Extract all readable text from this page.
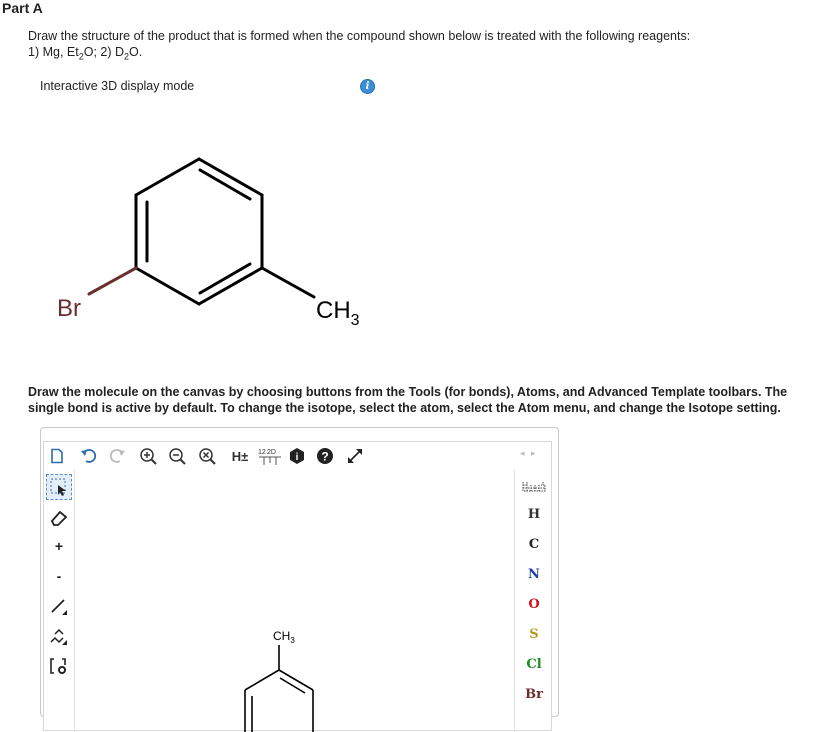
Part A
Draw the structure of the product that is formed when the compound shown below is treated with the following reagents:
1) Mg, $Et_2O$; 2) $D_2O$.
Interactive 3D display mode	i
Br	$CH_3$
Draw the molecule on the canvas by choosing buttons from the Tools (for bonds), Atoms, and Advanced Template toolbars. The single bond is active by default. To change the isotope, select the atom, select the Atom menu, and change the Isotope setting.
H±	12 2D i ?	◂ ▸
+
-
H
C
N
O
S
Cl
Br
$CH_3$
